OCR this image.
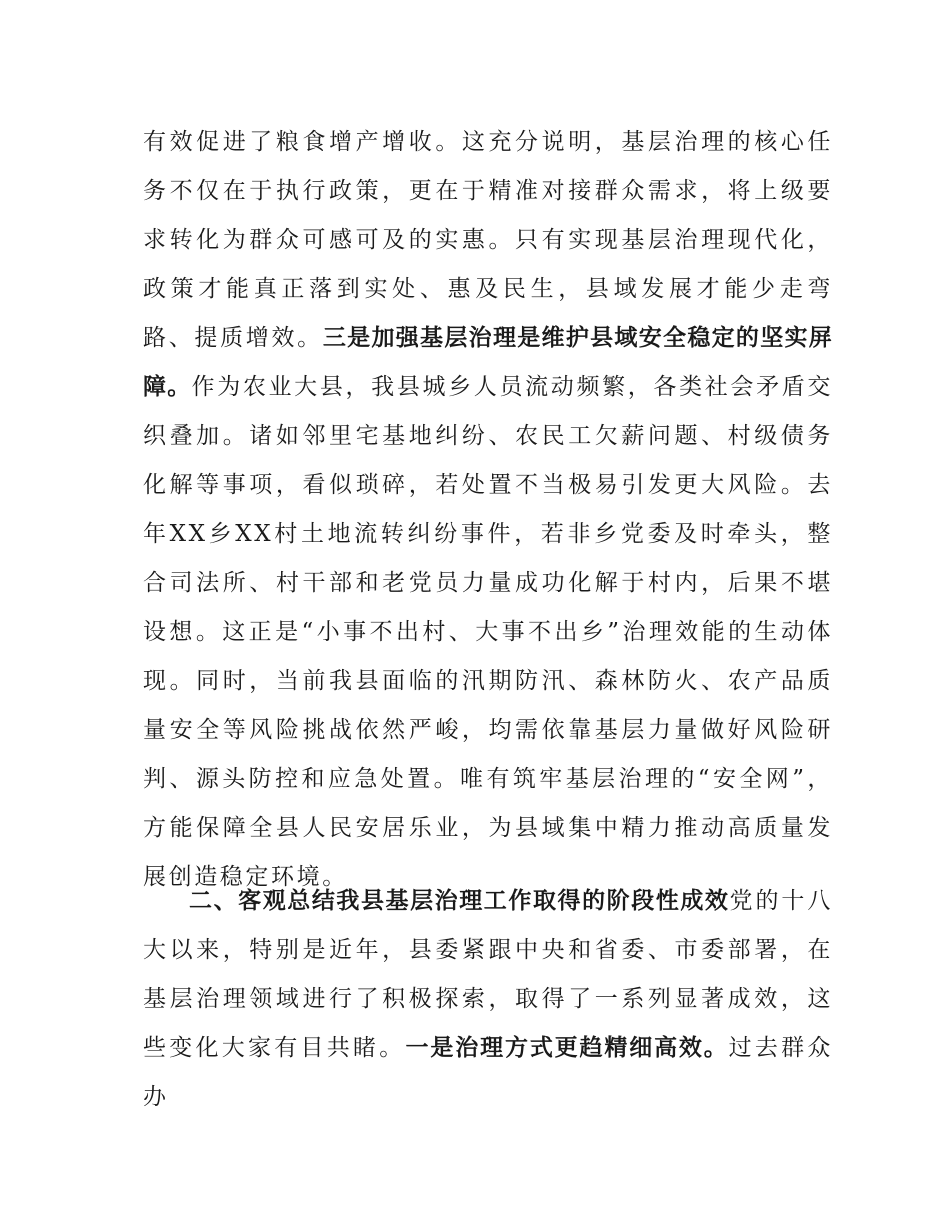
有效促进了粮食增产增收。这充分说明，基层治理的核心任务不仅在于执行政策，更在于精准对接群众需求，将上级要求转化为群众可感可及的实惠。只有实现基层治理现代化，政策才能真正落到实处、惠及民生，县域发展才能少走弯路、提质增效。三是加强基层治理是维护县域安全稳定的坚实屏障。作为农业大县，我县城乡人员流动频繁，各类社会矛盾交织叠加。诸如邻里宅基地纠纷、农民工欠薪问题、村级债务化解等事项，看似琐碎，若处置不当极易引发更大风险。去年XX乡XX村土地流转纠纷事件，若非乡党委及时牵头，整合司法所、村干部和老党员力量成功化解于村内，后果不堪设想。这正是“小事不出村、大事不出乡”治理效能的生动体现。同时，当前我县面临的汛期防汛、森林防火、农产品质量安全等风险挑战依然严峻，均需依靠基层力量做好风险研判、源头防控和应急处置。唯有筑牢基层治理的“安全网”，方能保障全县人民安居乐业，为县域集中精力推动高质量发展创造稳定环境。

二、客观总结我县基层治理工作取得的阶段性成效党的十八大以来，特别是近年，县委紧跟中央和省委、市委部署，在基层治理领域进行了积极探索，取得了一系列显著成效，这些变化大家有目共睹。一是治理方式更趋精细高效。过去群众办
